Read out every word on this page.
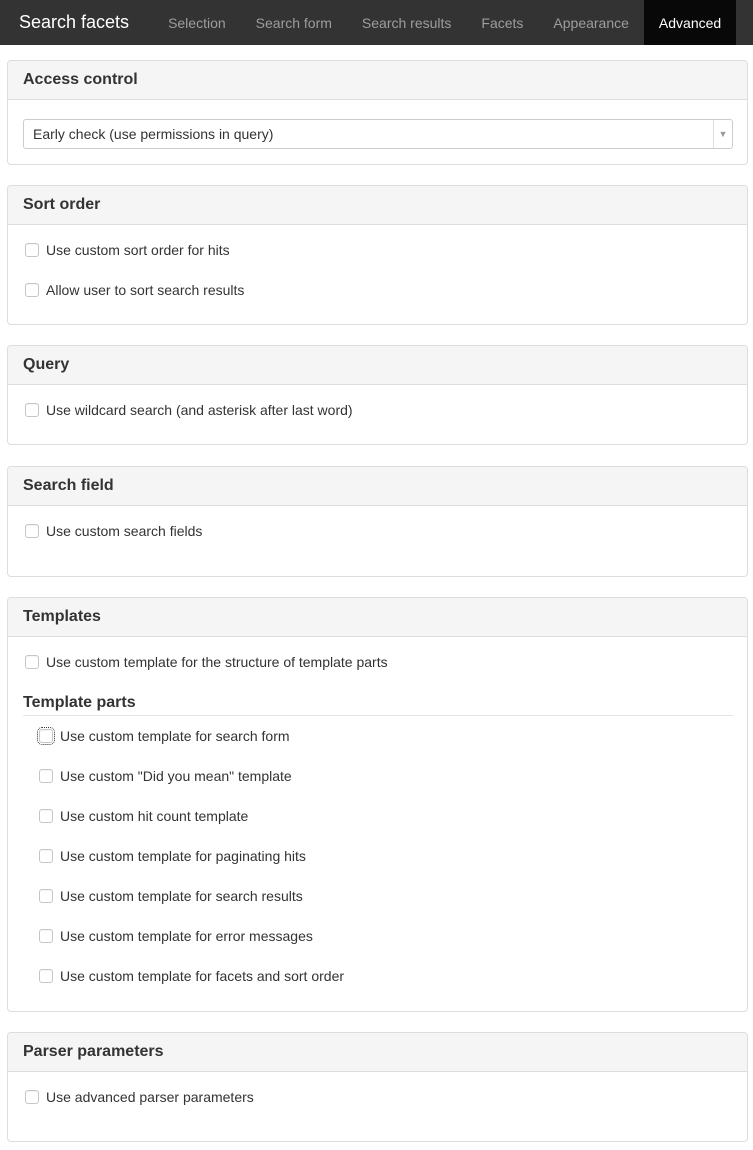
Search facets	Selection	Search form	Search results	Facets	Appearance	Advanced
Access control
Early check (use permissions in query)	▼
Sort order
Use custom sort order for hits
Allow user to sort search results
Query
Use wildcard search (and asterisk after last word)
Search field
Use custom search fields
Templates
Use custom template for the structure of template parts
Template parts
Use custom template for search form
Use custom "Did you mean" template
Use custom hit count template
Use custom template for paginating hits
Use custom template for search results
Use custom template for error messages
Use custom template for facets and sort order
Parser parameters
Use advanced parser parameters
